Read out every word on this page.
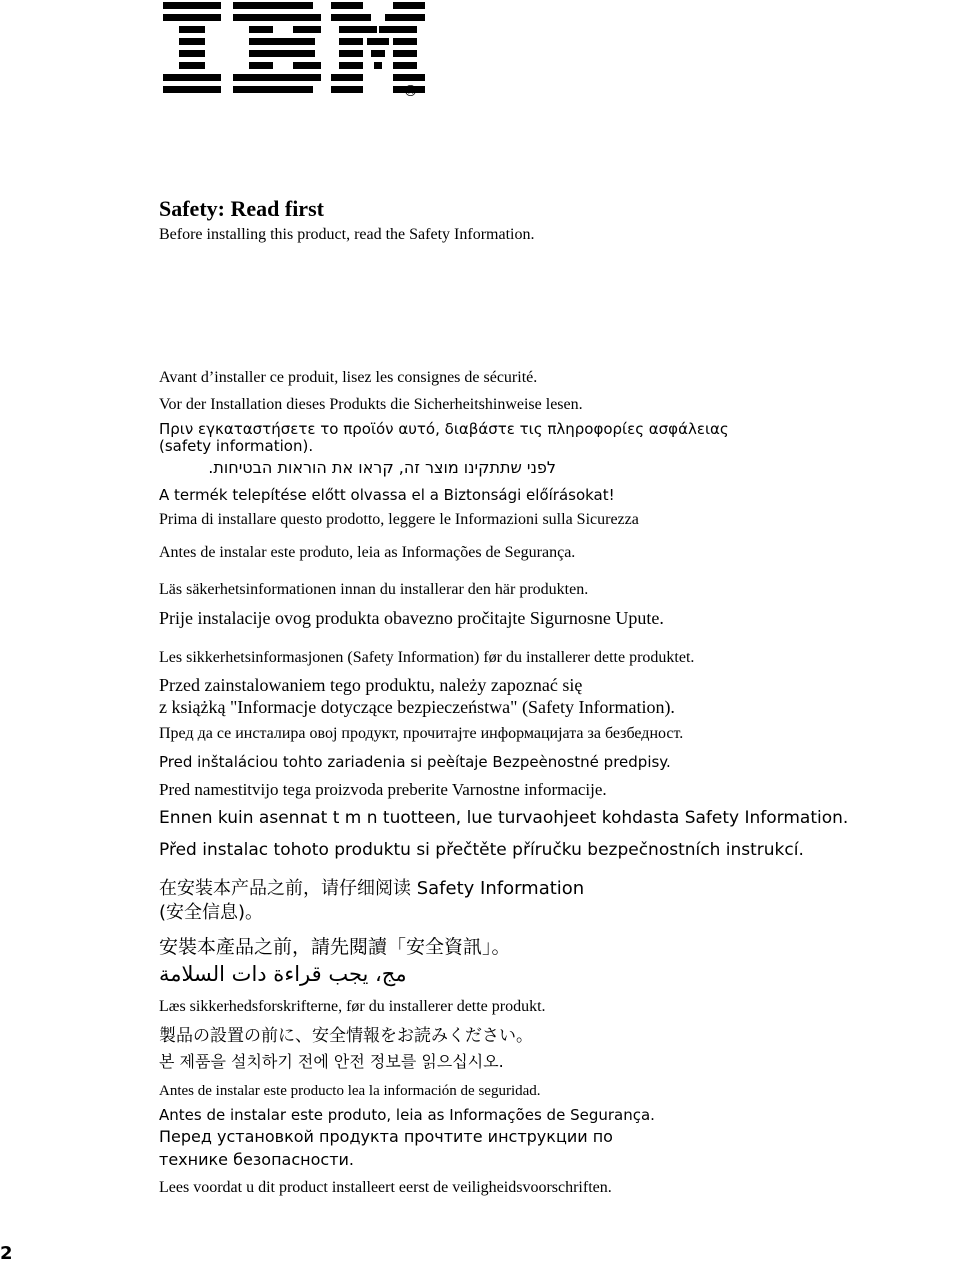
®
Safety: Read first
Before installing this product, read the Safety Information.
Avant d’installer ce produit, lisez les consignes de sécurité.
Vor der Installation dieses Produkts die Sicherheitshinweise lesen.
Πριν εγκαταστήσετε το προϊόν αυτό, διαβάστε τις πληροφορίες ασφάλειας
(safety information).
לפני שתתקינו מוצר זה, קראו את הוראות הבטיחות.
A termék telepítése előtt olvassa el a Biztonsági előírásokat!
Prima di installare questo prodotto, leggere le Informazioni sulla Sicurezza
Antes de instalar este produto, leia as Informações de Segurança.
Läs säkerhetsinformationen innan du installerar den här produkten.
Prije instalacije ovog produkta obavezno pročitajte Sigurnosne Upute.
Les sikkerhetsinformasjonen (Safety Information) før du installerer dette produktet.
Przed zainstalowaniem tego produktu, należy zapoznać się
z książką "Informacje dotyczące bezpieczeństwa" (Safety Information).
Пред да се инсталира овој продукт, прочитајте информацијата за безбедност.
Pred inštaláciou tohto zariadenia si peèítaje Bezpeènostné predpisy.
Pred namestitvijo tega proizvoda preberite Varnostne informacije.
Ennen kuin asennat t m n tuotteen, lue turvaohjeet kohdasta Safety Information.
Před instalac tohoto produktu si přečtěte příručku bezpečnostních instrukcí.
在安装本产品之前，请仔细阅读 Safety Information
(安全信息)。
安裝本產品之前，請先閱讀「安全資訊」。
مج، يجب قراءة دات السلامة
Læs sikkerhedsforskrifterne, før du installerer dette produkt.
製品の設置の前に、安全情報をお読みください。
본 제품을 설치하기 전에 안전 정보를 읽으십시오.
Antes de instalar este producto lea la información de seguridad.
Antes de instalar este produto, leia as Informações de Segurança.
Перед установкой продукта прочтите инструкции по
технике безопасности.
Lees voordat u dit product installeert eerst de veiligheidsvoorschriften.
2
